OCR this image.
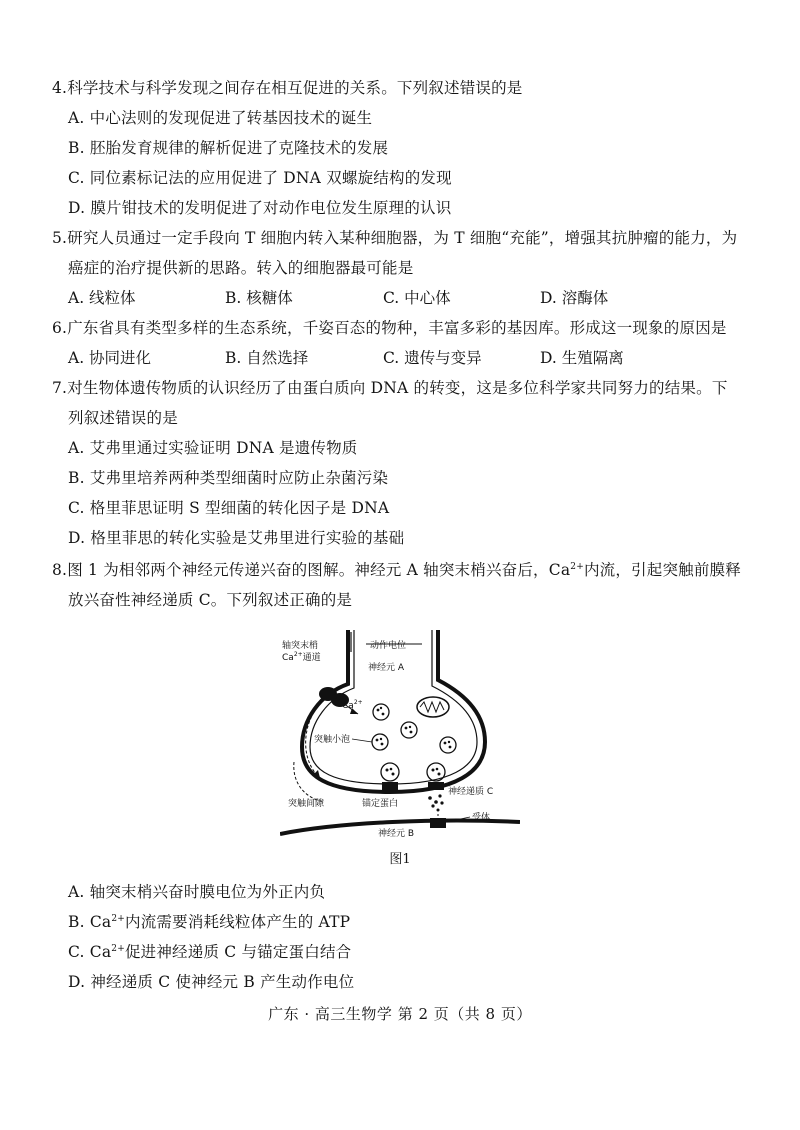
4.科学技术与科学发现之间存在相互促进的关系。下列叙述错误的是
A. 中心法则的发现促进了转基因技术的诞生
B. 胚胎发育规律的解析促进了克隆技术的发展
C. 同位素标记法的应用促进了 DNA 双螺旋结构的发现
D. 膜片钳技术的发明促进了对动作电位发生原理的认识
5.研究人员通过一定手段向 T 细胞内转入某种细胞器，为 T 细胞“充能”，增强其抗肿瘤的能力，为
癌症的治疗提供新的思路。转入的细胞器最可能是
A. 线粒体	B. 核糖体	C. 中心体	D. 溶酶体
6.广东省具有类型多样的生态系统，千姿百态的物种，丰富多彩的基因库。形成这一现象的原因是
A. 协同进化	B. 自然选择	C. 遗传与变异	D. 生殖隔离
7.对生物体遗传物质的认识经历了由蛋白质向 DNA 的转变，这是多位科学家共同努力的结果。下
列叙述错误的是
A. 艾弗里通过实验证明 DNA 是遗传物质
B. 艾弗里培养两种类型细菌时应防止杂菌污染
C. 格里菲思证明 S 型细菌的转化因子是 DNA
D. 格里菲思的转化实验是艾弗里进行实验的基础
8.图 1 为相邻两个神经元传递兴奋的图解。神经元 A 轴突末梢兴奋后，$Ca^{2+}$内流，引起突触前膜释
放兴奋性神经递质 C。下列叙述正确的是
轴突末梢
$Ca^{2+}$通道
动作电位
神经元 A
$Ca^{2+}$
突触小泡
突触间隙	锚定蛋白
神经递质 C
受体
神经元 B
图1
A. 轴突末梢兴奋时膜电位为外正内负
B. $Ca^{2+}$内流需要消耗线粒体产生的 ATP
C. $Ca^{2+}$促进神经递质 C 与锚定蛋白结合
D. 神经递质 C 使神经元 B 产生动作电位
广东 · 高三生物学 第 2 页（共 8 页）
